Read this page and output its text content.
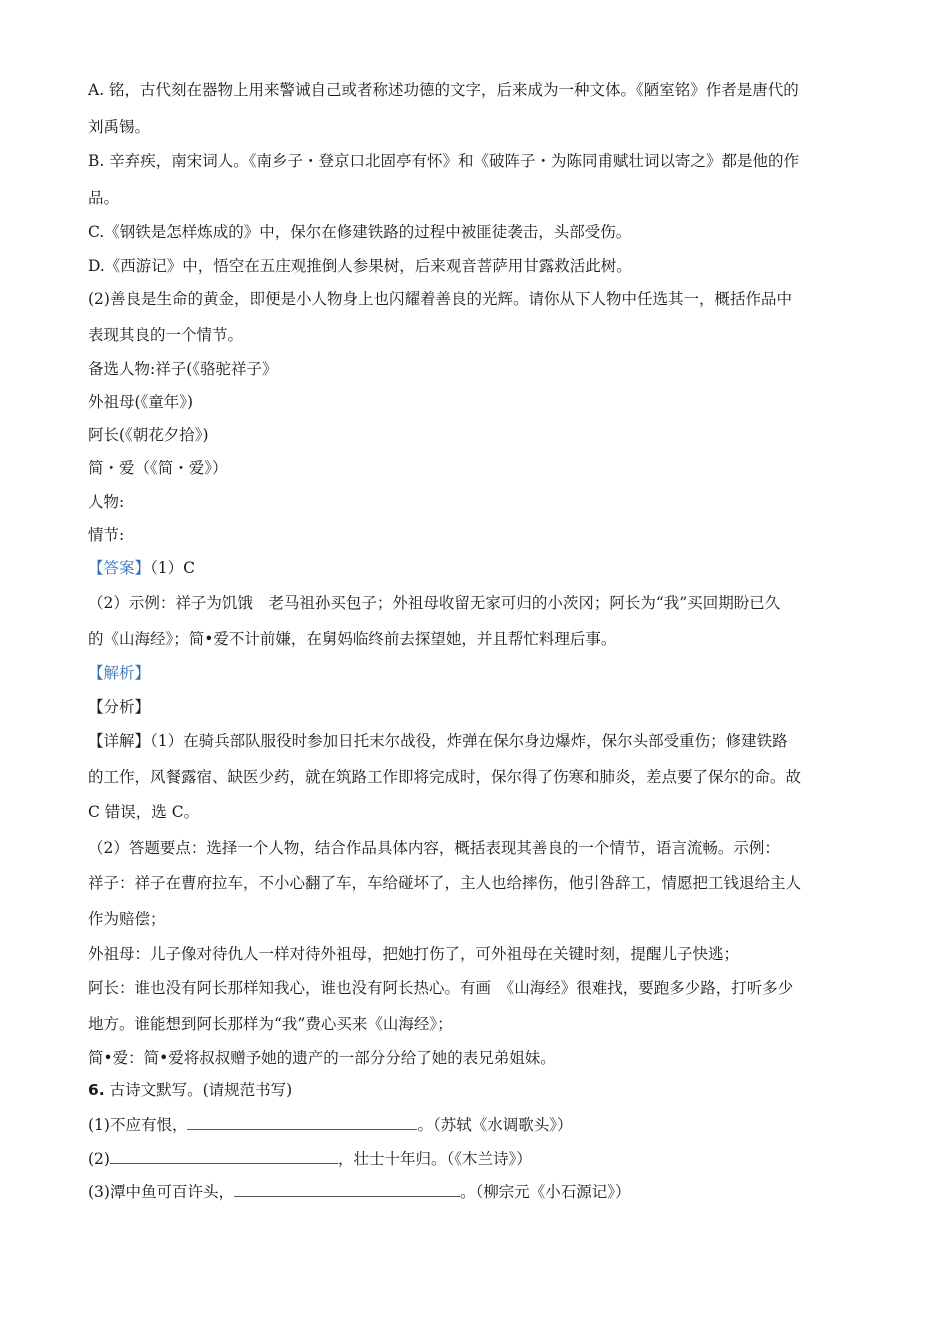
A. 铭，古代刻在器物上用来警诫自己或者称述功德的文字，后来成为一种文体。《陋室铭》作者是唐代的
刘禹锡。
B. 辛弃疾，南宋词人。《南乡子・登京口北固亭有怀》和《破阵子・为陈同甫赋壮词以寄之》都是他的作
品。
C.《钢铁是怎样炼成的》中，保尔在修建铁路的过程中被匪徒袭击，头部受伤。
D.《西游记》中，悟空在五庄观推倒人参果树，后来观音菩萨用甘露救活此树。
(2)善良是生命的黄金，即便是小人物身上也闪耀着善良的光辉。请你从下人物中任选其一，概括作品中
表现其良的一个情节。
备选人物:祥子(《骆驼祥子》
外祖母(《童年》)
阿长(《朝花夕拾》)
简・爱（《简・爱》）
人物:
情节:
【答案】（1）C
（2）示例：祥子为饥饿　老马祖孙买包子；外祖母收留无家可归的小茨冈；阿长为“我”买回期盼已久
的《山海经》；简•爱不计前嫌，在舅妈临终前去探望她，并且帮忙料理后事。
【解析】
【分析】
【详解】（1）在骑兵部队服役时参加日托末尔战役，炸弹在保尔身边爆炸，保尔头部受重伤；修建铁路
的工作，风餐露宿、缺医少药，就在筑路工作即将完成时，保尔得了伤寒和肺炎，差点要了保尔的命。故
C 错误，选 C。
（2）答题要点：选择一个人物，结合作品具体内容，概括表现其善良的一个情节，语言流畅。示例：
祥子：祥子在曹府拉车，不小心翻了车，车给碰坏了，主人也给摔伤，他引咎辞工，情愿把工钱退给主人
作为赔偿；
外祖母：儿子像对待仇人一样对待外祖母，把她打伤了，可外祖母在关键时刻，提醒儿子快逃；
阿长：谁也没有阿长那样知我心，谁也没有阿长热心。有画　《山海经》很难找，要跑多少路，打听多少
地方。谁能想到阿长那样为“我”费心买来《山海经》；
简•爱：简•爱将叔叔赠予她的遗产的一部分分给了她的表兄弟姐妹。
6. 古诗文默写。(请规范书写)
(1)不应有恨，	。（苏轼《水调歌头》）
(2)	，壮士十年归。（《木兰诗》）
(3)潭中鱼可百许头，	。（柳宗元《小石源记》）
